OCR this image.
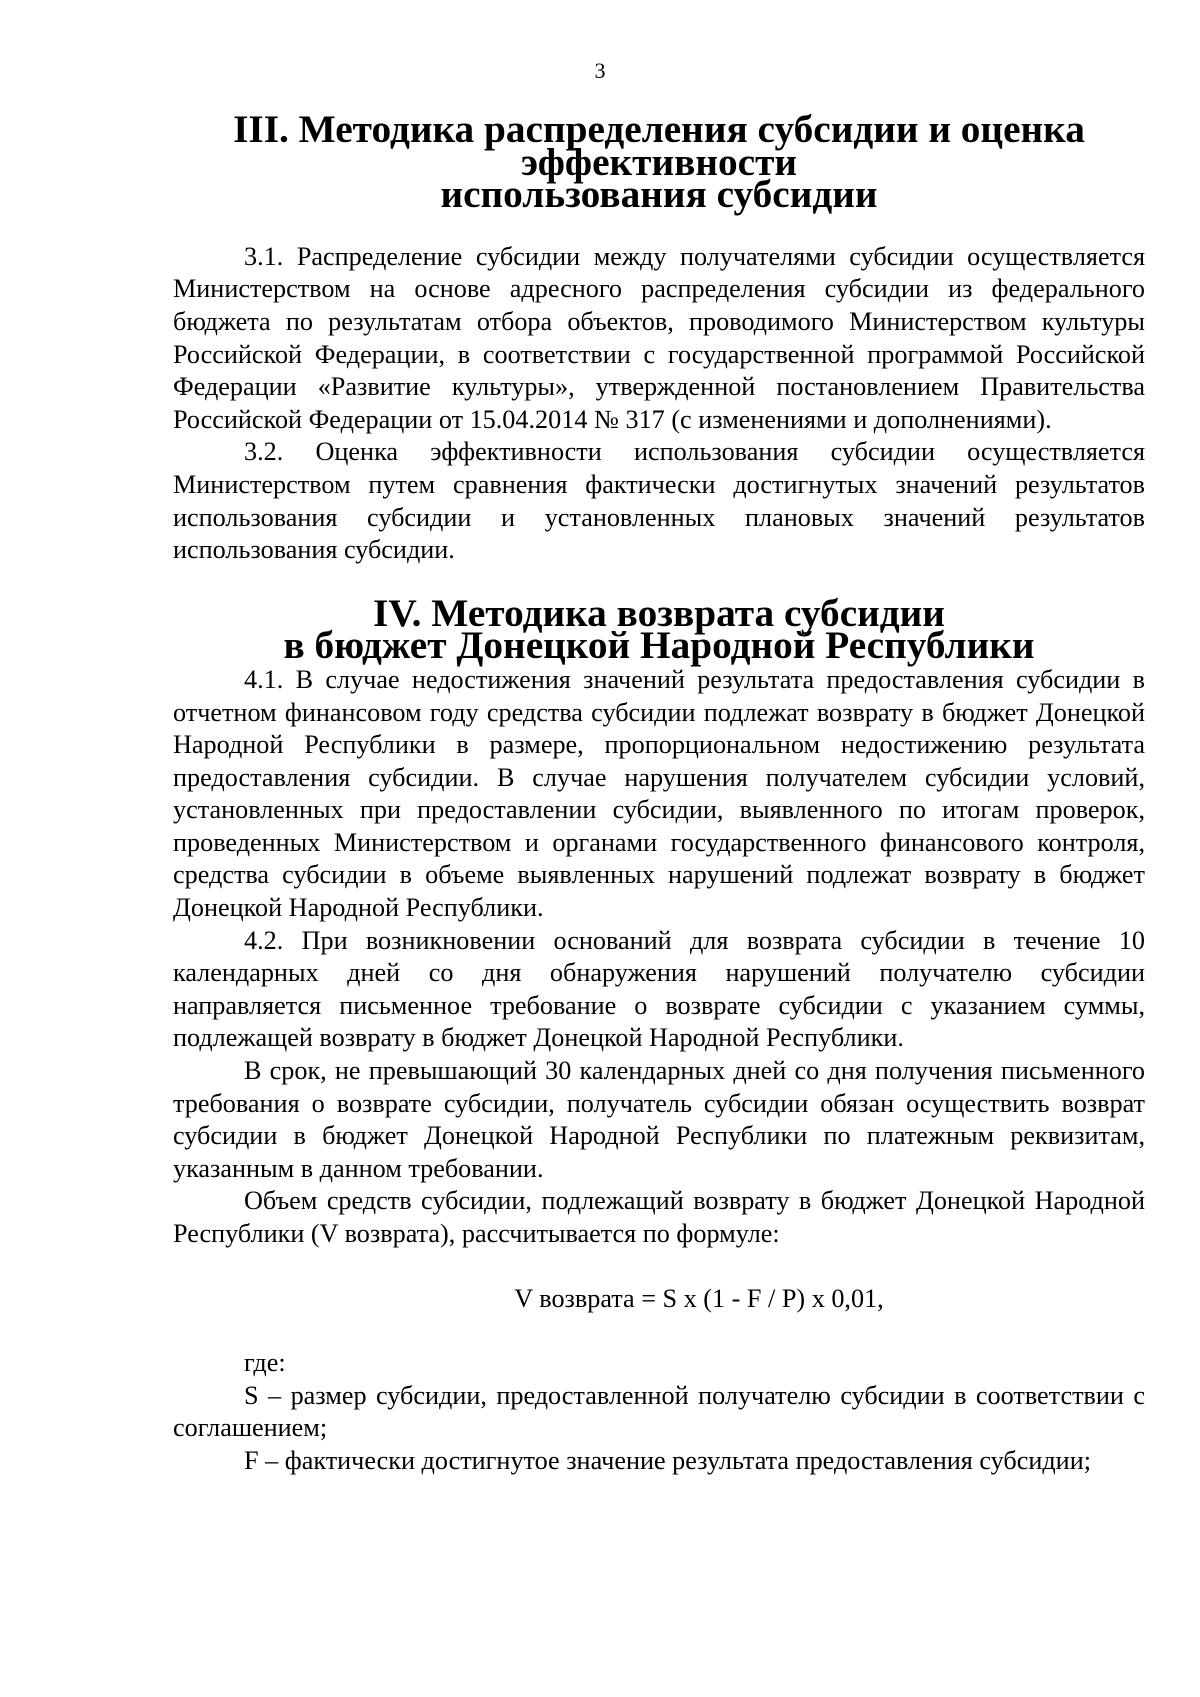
3
III. Методика распределения субсидии и оценка эффективности
использования субсидии

3.1. Распределение субсидии между получателями субсидии осуществляется Министерством на основе адресного распределения субсидии из федерального бюджета по результатам отбора объектов, проводимого Министерством культуры Российской Федерации, в соответствии с государственной программой Российской Федерации «Развитие культуры», утвержденной постановлением Правительства Российской Федерации от 15.04.2014 № 317 (с изменениями и дополнениями).

3.2. Оценка эффективности использования субсидии осуществляется Министерством путем сравнения фактически достигнутых значений результатов использования субсидии и установленных плановых значений результатов использования субсидии.

IV. Методика возврата субсидии
в бюджет Донецкой Народной Республики

4.1. В случае недостижения значений результата предоставления субсидии в отчетном финансовом году средства субсидии подлежат возврату в бюджет Донецкой Народной Республики в размере, пропорциональном недостижению результата предоставления субсидии. В случае нарушения получателем субсидии условий, установленных при предоставлении субсидии, выявленного по итогам проверок, проведенных Министерством и органами государственного финансового контроля, средства субсидии в объеме выявленных нарушений подлежат возврату в бюджет Донецкой Народной Республики.

4.2. При возникновении оснований для возврата субсидии в течение 10 календарных дней со дня обнаружения нарушений получателю субсидии направляется письменное требование о возврате субсидии с указанием суммы, подлежащей возврату в бюджет Донецкой Народной Республики.

В срок, не превышающий 30 календарных дней со дня получения письменного требования о возврате субсидии, получатель субсидии обязан осуществить возврат субсидии в бюджет Донецкой Народной Республики по платежным реквизитам, указанным в данном требовании.

Объем средств субсидии, подлежащий возврату в бюджет Донецкой Народной Республики (V возврата), рассчитывается по формуле:

V возврата = S x (1 - F / P) x 0,01,

где:

S – размер субсидии, предоставленной получателю субсидии в соответствии с соглашением;

F – фактически достигнутое значение результата предоставления субсидии;
